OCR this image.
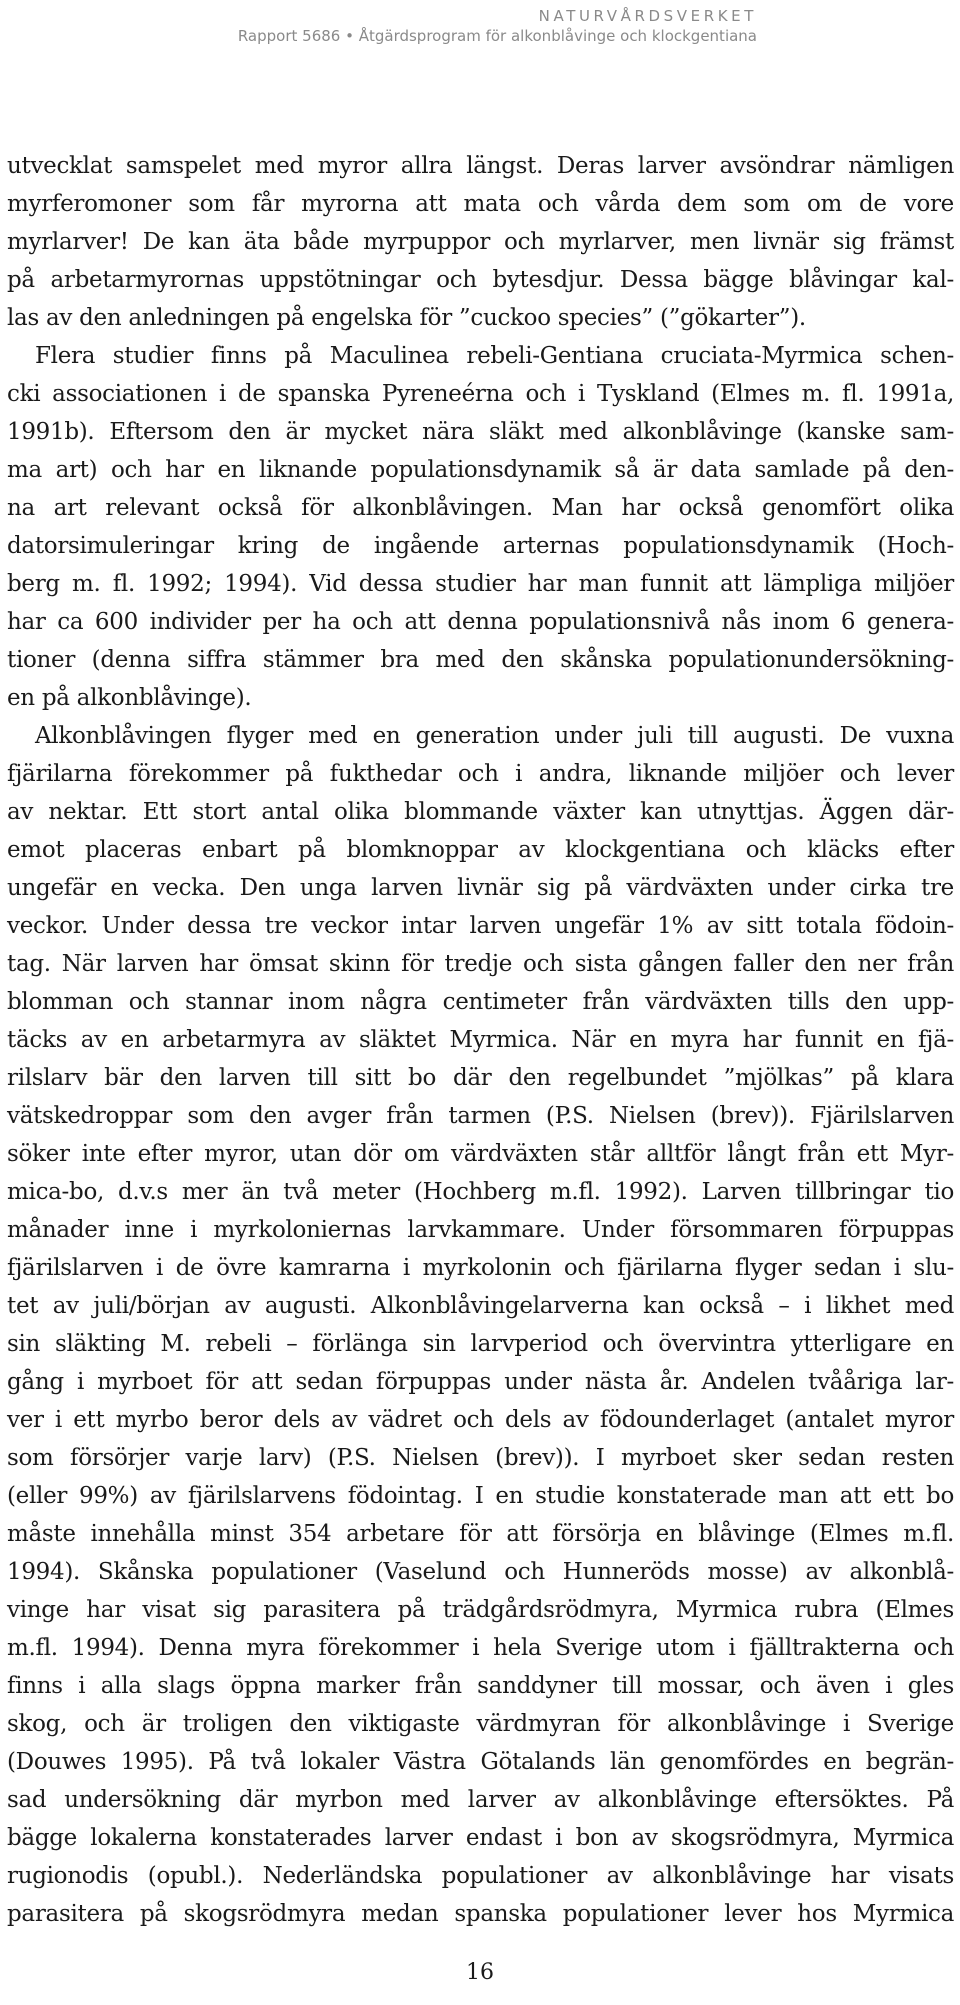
NATURVÅRDSVERKET
Rapport 5686 • Åtgärdsprogram för alkonblåvinge och klockgentiana
utvecklat samspelet med myror allra längst. Deras larver avsöndrar nämligen
myrferomoner som får myrorna att mata och vårda dem som om de vore
myrlarver! De kan äta både myrpuppor och myrlarver, men livnär sig främst
på arbetarmyrornas uppstötningar och bytesdjur. Dessa bägge blåvingar kal-
las av den anledningen på engelska för ”cuckoo species” (”gökarter”).
Flera studier finns på Maculinea rebeli-Gentiana cruciata-Myrmica schen-
cki associationen i de spanska Pyreneérna och i Tyskland (Elmes m. fl. 1991a,
1991b). Eftersom den är mycket nära släkt med alkonblåvinge (kanske sam-
ma art) och har en liknande populationsdynamik så är data samlade på den-
na art relevant också för alkonblåvingen. Man har också genomfört olika
datorsimuleringar kring de ingående arternas populationsdynamik (Hoch-
berg m. fl. 1992; 1994). Vid dessa studier har man funnit att lämpliga miljöer
har ca 600 individer per ha och att denna populationsnivå nås inom 6 genera-
tioner (denna siffra stämmer bra med den skånska populationundersökning-
en på alkonblåvinge).
Alkonblåvingen flyger med en generation under juli till augusti. De vuxna
fjärilarna förekommer på fukthedar och i andra, liknande miljöer och lever
av nektar. Ett stort antal olika blommande växter kan utnyttjas. Äggen där-
emot placeras enbart på blomknoppar av klockgentiana och kläcks efter
ungefär en vecka. Den unga larven livnär sig på värdväxten under cirka tre
veckor. Under dessa tre veckor intar larven ungefär 1% av sitt totala födoin-
tag. När larven har ömsat skinn för tredje och sista gången faller den ner från
blomman och stannar inom några centimeter från värdväxten tills den upp-
täcks av en arbetarmyra av släktet Myrmica. När en myra har funnit en fjä-
rilslarv bär den larven till sitt bo där den regelbundet ”mjölkas” på klara
vätskedroppar som den avger från tarmen (P.S. Nielsen (brev)). Fjärilslarven
söker inte efter myror, utan dör om värdväxten står alltför långt från ett Myr-
mica-bo, d.v.s mer än två meter (Hochberg m.fl. 1992). Larven tillbringar tio
månader inne i myrkoloniernas larvkammare. Under försommaren förpuppas
fjärilslarven i de övre kamrarna i myrkolonin och fjärilarna flyger sedan i slu-
tet av juli/början av augusti. Alkonblåvingelarverna kan också – i likhet med
sin släkting M. rebeli – förlänga sin larvperiod och övervintra ytterligare en
gång i myrboet för att sedan förpuppas under nästa år. Andelen tvååriga lar-
ver i ett myrbo beror dels av vädret och dels av födounderlaget (antalet myror
som försörjer varje larv) (P.S. Nielsen (brev)). I myrboet sker sedan resten
(eller 99%) av fjärilslarvens födointag. I en studie konstaterade man att ett bo
måste innehålla minst 354 arbetare för att försörja en blåvinge (Elmes m.fl.
1994). Skånska populationer (Vaselund och Hunneröds mosse) av alkonblå-
vinge har visat sig parasitera på trädgårdsrödmyra, Myrmica rubra (Elmes
m.fl. 1994). Denna myra förekommer i hela Sverige utom i fjälltrakterna och
finns i alla slags öppna marker från sanddyner till mossar, och även i gles
skog, och är troligen den viktigaste värdmyran för alkonblåvinge i Sverige
(Douwes 1995). På två lokaler Västra Götalands län genomfördes en begrän-
sad undersökning där myrbon med larver av alkonblåvinge eftersöktes. På
bägge lokalerna konstaterades larver endast i bon av skogsrödmyra, Myrmica
rugionodis (opubl.). Nederländska populationer av alkonblåvinge har visats
parasitera på skogsrödmyra medan spanska populationer lever hos Myrmica
16
